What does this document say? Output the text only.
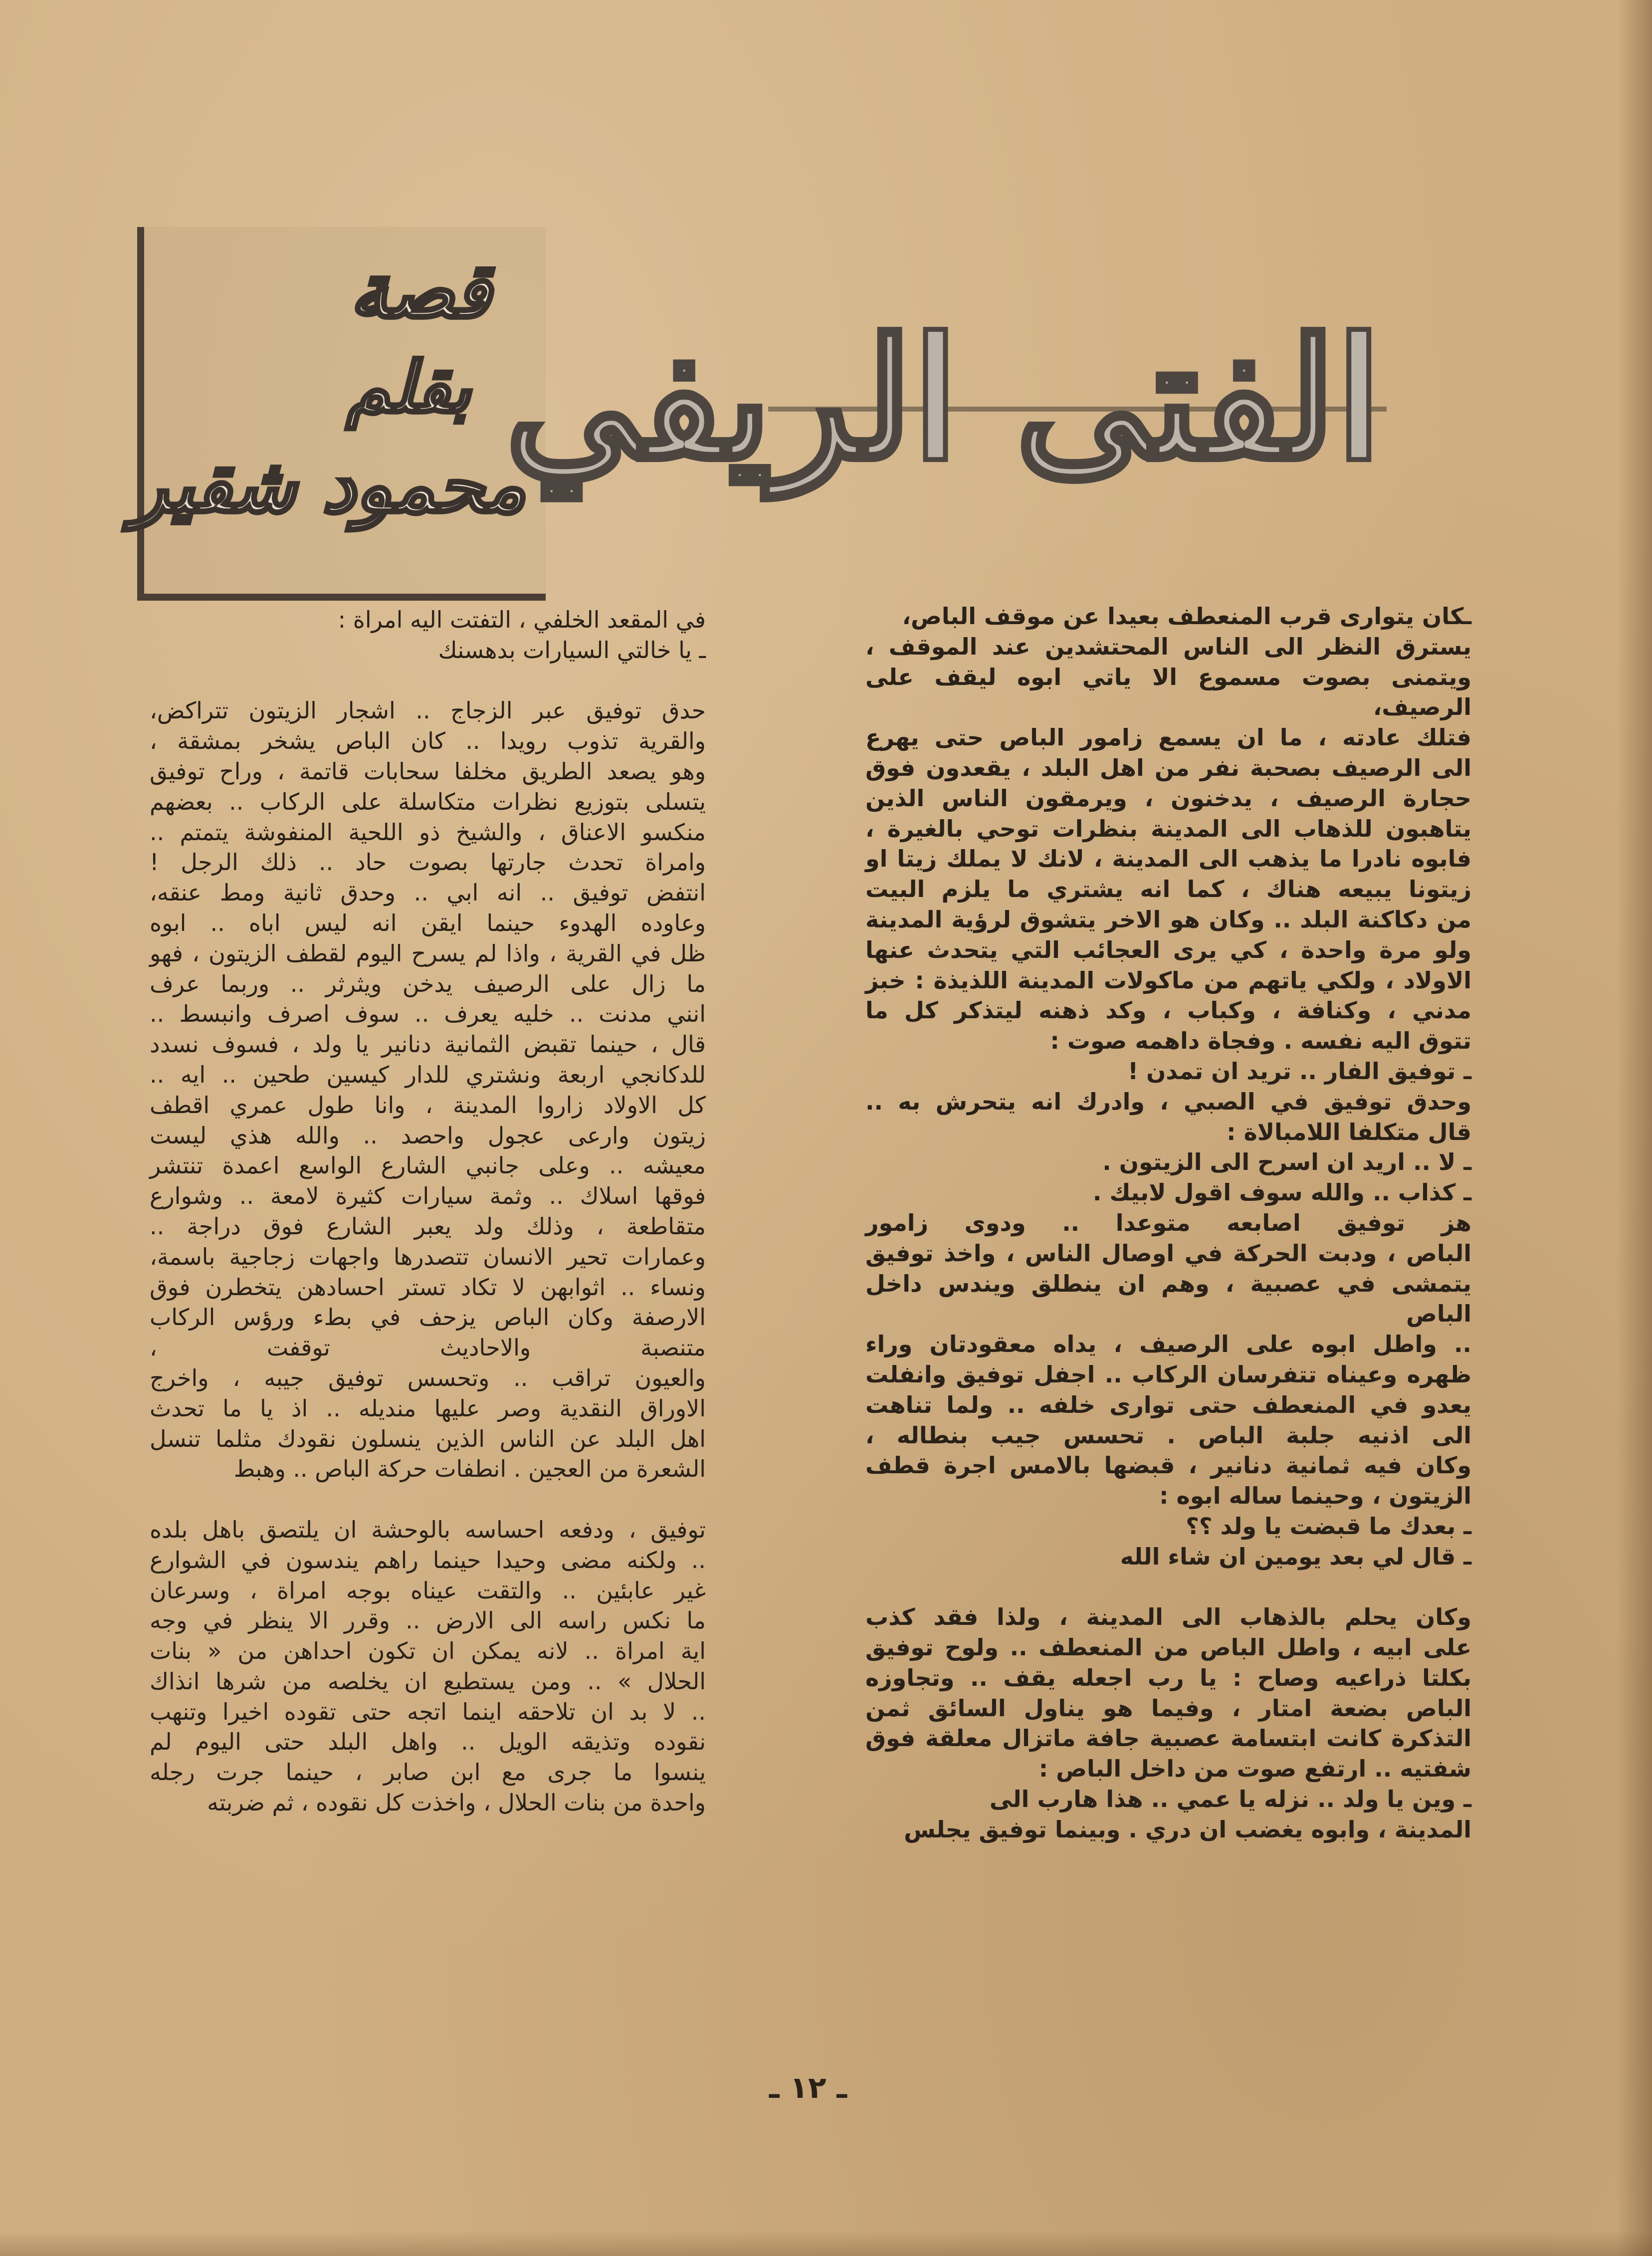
قصة
بقلم
محمود شقير
الفتى الريفي

ـكان يتوارى قرب المنعطف بعيدا عن موقف الباص،

يسترق النظر الى الناس المحتشدين عند الموقف ،

ويتمنى بصوت مسموع الا ياتي ابوه ليقف على الرصيف،

فتلك عادته ، ما ان يسمع زامور الباص حتى يهرع

الى الرصيف بصحبة نفر من اهل البلد ، يقعدون فوق

حجارة الرصيف ، يدخنون ، ويرمقون الناس الذين

يتاهبون للذهاب الى المدينة بنظرات توحي بالغيرة ،

فابوه نادرا ما يذهب الى المدينة ، لانك لا يملك زيتا او

زيتونا يبيعه هناك ، كما انه يشتري ما يلزم البيت

من دكاكنة البلد .. وكان هو الاخر يتشوق لرؤية المدينة

ولو مرة واحدة ، كي يرى العجائب التي يتحدث عنها

الاولاد ، ولكي ياتهم من ماكولات المدينة اللذيذة : خبز

مدني ، وكنافة ، وكباب ، وكد ذهنه ليتذكر كل ما

تتوق اليه نفسه . وفجاة داهمه صوت :

ـ توفيق الفار .. تريد ان تمدن !

وحدق توفيق في الصبي ، وادرك انه يتحرش به ..

قال متكلفا اللامبالاة :

ـ لا .. اريد ان اسرح الى الزيتون .

ـ كذاب .. والله سوف اقول لابيك .

هز توفيق اصابعه متوعدا .. ودوى زامور

الباص ، ودبت الحركة في اوصال الناس ، واخذ توفيق

يتمشى في عصبية ، وهم ان ينطلق ويندس داخل الباص

.. واطل ابوه على الرصيف ، يداه معقودتان وراء

ظهره وعيناه تتفرسان الركاب .. اجفل توفيق وانفلت

يعدو في المنعطف حتى توارى خلفه .. ولما تناهت

الى اذنيه جلبة الباص . تحسس جيب بنطاله ،

وكان فيه ثمانية دنانير ، قبضها بالامس اجرة قطف

الزيتون ، وحينما ساله ابوه :

ـ بعدك ما قبضت يا ولد ؟؟

ـ قال لي بعد يومين ان شاء الله

وكان يحلم بالذهاب الى المدينة ، ولذا فقد كذب

على ابيه ، واطل الباص من المنعطف .. ولوح توفيق

بكلتا ذراعيه وصاح : يا رب اجعله يقف .. وتجاوزه

الباص بضعة امتار ، وفيما هو يناول السائق ثمن

التذكرة كانت ابتسامة عصبية جافة ماتزال معلقة فوق

شفتيه .. ارتفع صوت من داخل الباص :

ـ وين يا ولد .. نزله يا عمي .. هذا هارب الى

المدينة ، وابوه يغضب ان دري . وبينما توفيق يجلس

في المقعد الخلفي ، التفتت اليه امراة :

ـ يا خالتي السيارات بدهسنك

حدق توفيق عبر الزجاج .. اشجار الزيتون تتراكض،

والقرية تذوب رويدا .. كان الباص يشخر بمشقة ،

وهو يصعد الطريق مخلفا سحابات قاتمة ، وراح توفيق

يتسلى بتوزيع نظرات متكاسلة على الركاب .. بعضهم

منكسو الاعناق ، والشيخ ذو اللحية المنفوشة يتمتم ..

وامراة تحدث جارتها بصوت حاد .. ذلك الرجل !

انتفض توفيق .. انه ابي .. وحدق ثانية ومط عنقه،

وعاوده الهدوء حينما ايقن انه ليس اباه .. ابوه

ظل في القرية ، واذا لم يسرح اليوم لقطف الزيتون ، فهو

ما زال على الرصيف يدخن ويثرثر .. وربما عرف

انني مدنت .. خليه يعرف .. سوف اصرف وانبسط ..

قال ، حينما تقبض الثمانية دنانير يا ولد ، فسوف نسدد

للدكانجي اربعة ونشتري للدار كيسين طحين .. ايه ..

كل الاولاد زاروا المدينة ، وانا طول عمري اقطف

زيتون وارعى عجول واحصد .. والله هذي ليست

معيشه .. وعلى جانبي الشارع الواسع اعمدة تنتشر

فوقها اسلاك .. وثمة سيارات كثيرة لامعة .. وشوارع

متقاطعة ، وذلك ولد يعبر الشارع فوق دراجة ..

وعمارات تحير الانسان تتصدرها واجهات زجاجية باسمة،

ونساء .. اثوابهن لا تكاد تستر احسادهن يتخطرن فوق

الارصفة وكان الباص يزحف في بطء ورؤس الركاب

متنصبة والاحاديث توقفت ،

والعيون تراقب .. وتحسس توفيق جيبه ، واخرج

الاوراق النقدية وصر عليها منديله .. اذ يا ما تحدث

اهل البلد عن الناس الذين ينسلون نقودك مثلما تنسل

الشعرة من العجين . انطفات حركة الباص .. وهبط

توفيق ، ودفعه احساسه بالوحشة ان يلتصق باهل بلده

.. ولكنه مضى وحيدا حينما راهم يندسون في الشوارع

غير عابئين .. والتقت عيناه بوجه امراة ، وسرعان

ما نكس راسه الى الارض .. وقرر الا ينظر في وجه

اية امراة .. لانه يمكن ان تكون احداهن من « بنات

الحلال » .. ومن يستطيع ان يخلصه من شرها انذاك

.. لا بد ان تلاحقه اينما اتجه حتى تقوده اخيرا وتنهب

نقوده وتذيقه الويل .. واهل البلد حتى اليوم لم

ينسوا ما جرى مع ابن صابر ، حينما جرت رجله

واحدة من بنات الحلال ، واخذت كل نقوده ، ثم ضربته

ـ ١٢ ـ
